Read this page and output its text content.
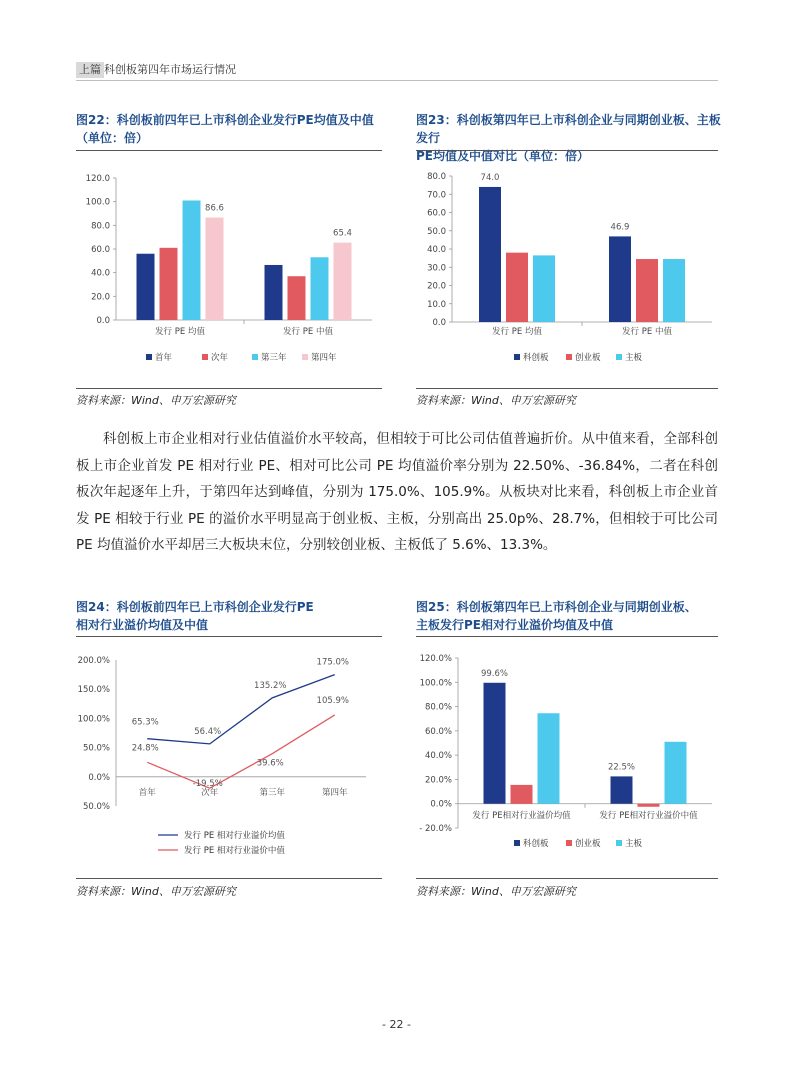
上篇 科创板第四年市场运行情况
图22：科创板前四年已上市科创企业发行PE均值及中值
（单位：倍）
0.0
20.0
40.0
60.0
80.0
100.0
120.0
发行 PE 均值	发行 PE 中值
86.6
65.4
首年	次年	第三年	第四年
资料来源：Wind、申万宏源研究
图23：科创板第四年已上市科创企业与同期创业板、主板发行
PE均值及中值对比（单位：倍）
0.0
10.0
20.0
30.0
40.0
50.0
60.0
70.0
80.0
发行 PE 均值	发行 PE 中值
74.0
46.9
科创板	创业板	主板
资料来源：Wind、申万宏源研究

科创板上市企业相对行业估值溢价水平较高，但相较于可比公司估值普遍折价。从中值来看，全部科创板上市企业首发 PE 相对行业 PE、相对可比公司 PE 均值溢价率分别为 22.50%、-36.84%，二者在科创板次年起逐年上升，于第四年达到峰值，分别为 175.0%、105.9%。从板块对比来看，科创板上市企业首发 PE 相较于行业 PE 的溢价水平明显高于创业板、主板，分别高出 25.0p%、28.7%，但相较于可比公司 PE 均值溢价水平却居三大板块末位，分别较创业板、主板低了 5.6%、13.3%。

图24：科创板前四年已上市科创企业发行PE
相对行业溢价均值及中值
50.0%
0.0%
50.0%
100.0%
150.0%
200.0%
首年	次年	第三年	第四年
65.3%
56.4%
135.2%
175.0%
发行 PE 相对行业溢价均值
24.8%
-19.5%
39.6%
105.9%
发行 PE 相对行业溢价中值
资料来源：Wind、申万宏源研究
图25：科创板第四年已上市科创企业与同期创业板、
主板发行PE相对行业溢价均值及中值
- 20.0%
0.0%
20.0%
40.0%
60.0%
80.0%
100.0%
120.0%
发行 PE相对行业溢价均值	发行 PE相对行业溢价中值
99.6%
22.5%
科创板	创业板	主板
资料来源：Wind、申万宏源研究
- 22 -
